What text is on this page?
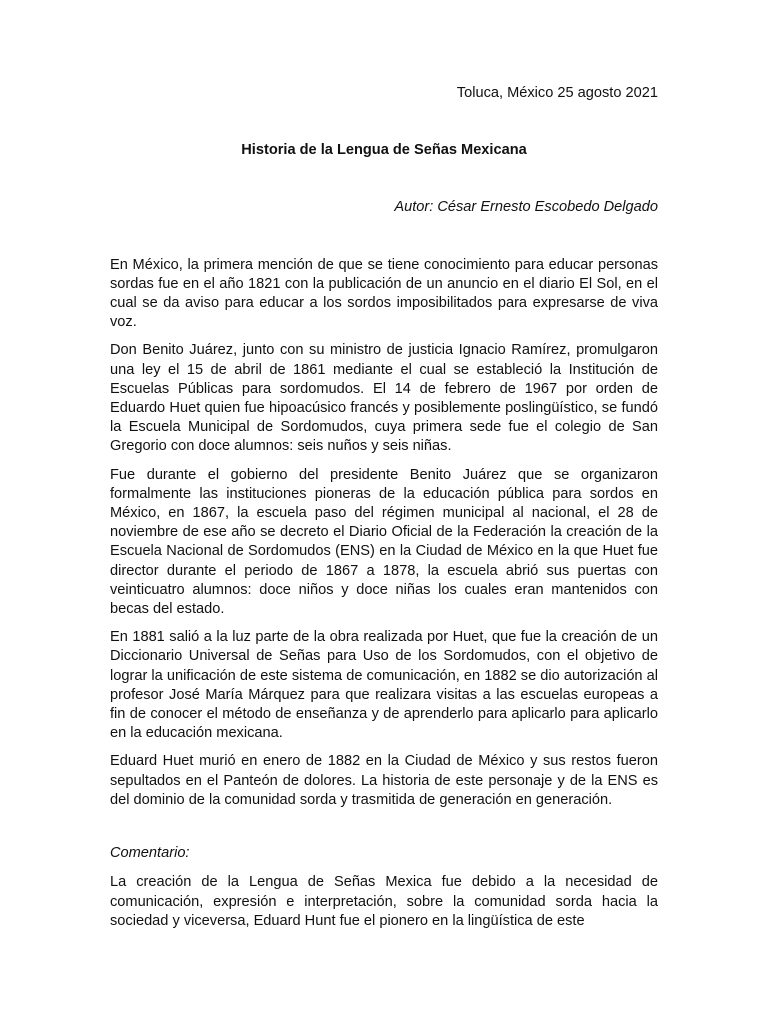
Toluca, México 25 agosto 2021

Historia de la Lengua de Señas Mexicana

Autor: César Ernesto Escobedo Delgado

En México, la primera mención de que se tiene conocimiento para educar personas sordas fue en el año 1821 con la publicación de un anuncio en el diario El Sol, en el cual se da aviso para educar a los sordos imposibilitados para expresarse de viva voz.

Don Benito Juárez, junto con su ministro de justicia Ignacio Ramírez, promulgaron una ley el 15 de abril de 1861 mediante el cual se estableció la Institución de Escuelas Públicas para sordomudos. El 14 de febrero de 1967 por orden de Eduardo Huet quien fue hipoacúsico francés y posiblemente poslingüístico, se fundó la Escuela Municipal de Sordomudos, cuya primera sede fue el colegio de San Gregorio con doce alumnos: seis nuños y seis niñas.

Fue durante el gobierno del presidente Benito Juárez que se organizaron formalmente las instituciones pioneras de la educación pública para sordos en México, en 1867, la escuela paso del régimen municipal al nacional, el 28 de noviembre de ese año se decreto el Diario Oficial de la Federación la creación de la Escuela Nacional de Sordomudos (ENS) en la Ciudad de México en la que Huet fue director durante el periodo de 1867 a 1878, la escuela abrió sus puertas con veinticuatro alumnos: doce niños y doce niñas los cuales eran mantenidos con becas del estado.

En 1881 salió a la luz parte de la obra realizada por Huet, que fue la creación de un Diccionario Universal de Señas para Uso de los Sordomudos, con el objetivo de lograr la unificación de este sistema de comunicación, en 1882 se dio autorización al profesor José María Márquez para que realizara visitas a las escuelas europeas a fin de conocer el método de enseñanza y de aprenderlo para aplicarlo para aplicarlo en la educación mexicana.

Eduard Huet murió en enero de 1882 en la Ciudad de México y sus restos fueron sepultados en el Panteón de dolores. La historia de este personaje y de la ENS es del dominio de la comunidad sorda y trasmitida de generación en generación.

Comentario:

La creación de la Lengua de Señas Mexica fue debido a la necesidad de comunicación, expresión e interpretación, sobre la comunidad sorda hacia la sociedad y viceversa, Eduard Hunt fue el pionero en la lingüística de este
